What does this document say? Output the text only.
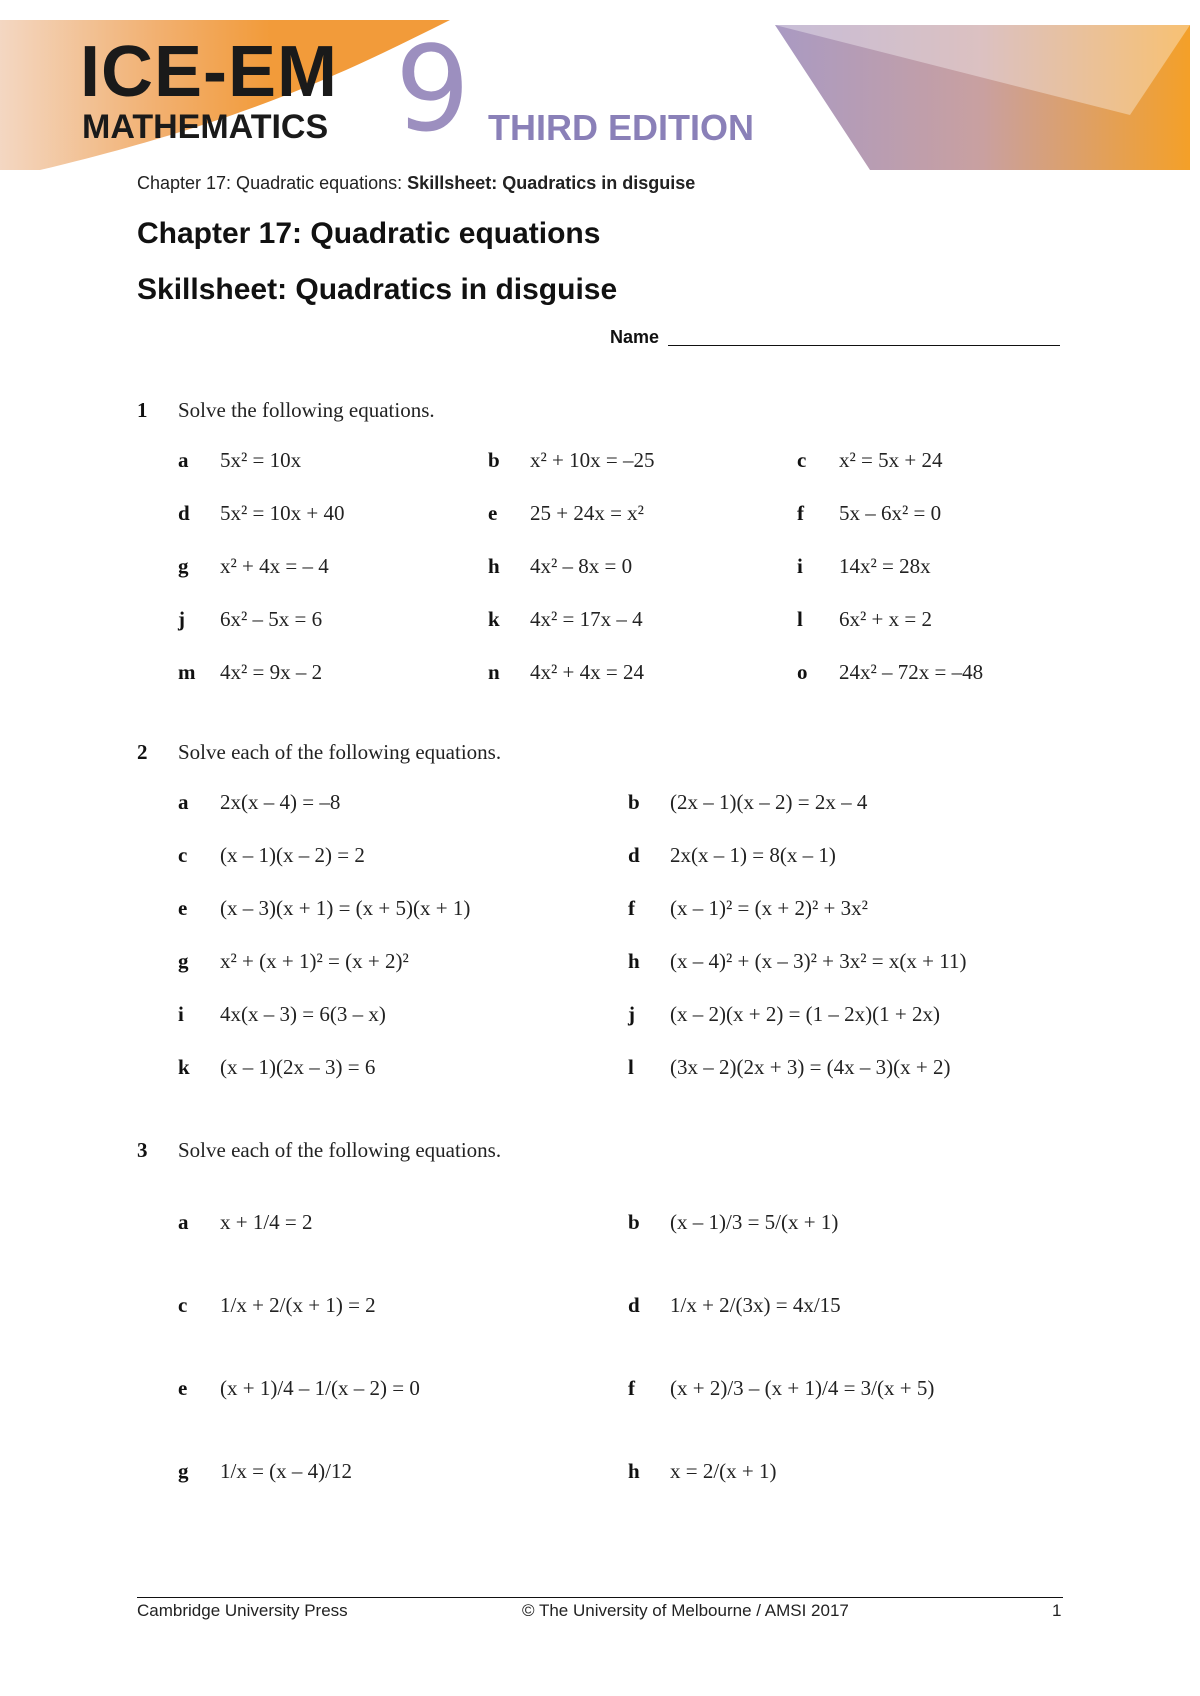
ICE-EM
MATHEMATICS 9 THIRD EDITION
Chapter 17: Quadratic equations: Skillsheet: Quadratics in disguise
Chapter 17: Quadratic equations
Skillsheet: Quadratics in disguise
Name
1 Solve the following equations.
a 5x² = 10x	b x² + 10x = –25	c x² = 5x + 24
d 5x² = 10x + 40	e 25 + 24x = x²	f 5x – 6x² = 0
g x² + 4x = – 4	h 4x² – 8x = 0	i 14x² = 28x
j 6x² – 5x = 6	k 4x² = 17x – 4	l 6x² + x = 2
m 4x² = 9x – 2	n 4x² + 4x = 24	o 24x² – 72x = –48
2 Solve each of the following equations.
a 2x(x – 4) = –8	b (2x – 1)(x – 2) = 2x – 4
c (x – 1)(x – 2) = 2	d 2x(x – 1) = 8(x – 1)
e (x – 3)(x + 1) = (x + 5)(x + 1)	f (x – 1)² = (x + 2)² + 3x²
g x² + (x + 1)² = (x + 2)²	h (x – 4)² + (x – 3)² + 3x² = x(x + 11)
i 4x(x – 3) = 6(3 – x)	j (x – 2)(x + 2) = (1 – 2x)(1 + 2x)
k (x – 1)(2x – 3) = 6	l (3x – 2)(2x + 3) = (4x – 3)(x + 2)
3 Solve each of the following equations.
a x + 1/4 = 2	b (x – 1)/3 = 5/(x + 1)
c 1/x + 2/(x + 1) = 2	d 1/x + 2/(3x) = 4x/15
e (x + 1)/4 – 1/(x – 2) = 0	f (x + 2)/3 – (x + 1)/4 = 3/(x + 5)
g 1/x = (x – 4)/12	h x = 2/(x + 1)
Cambridge University Press	© The University of Melbourne / AMSI 2017	1
